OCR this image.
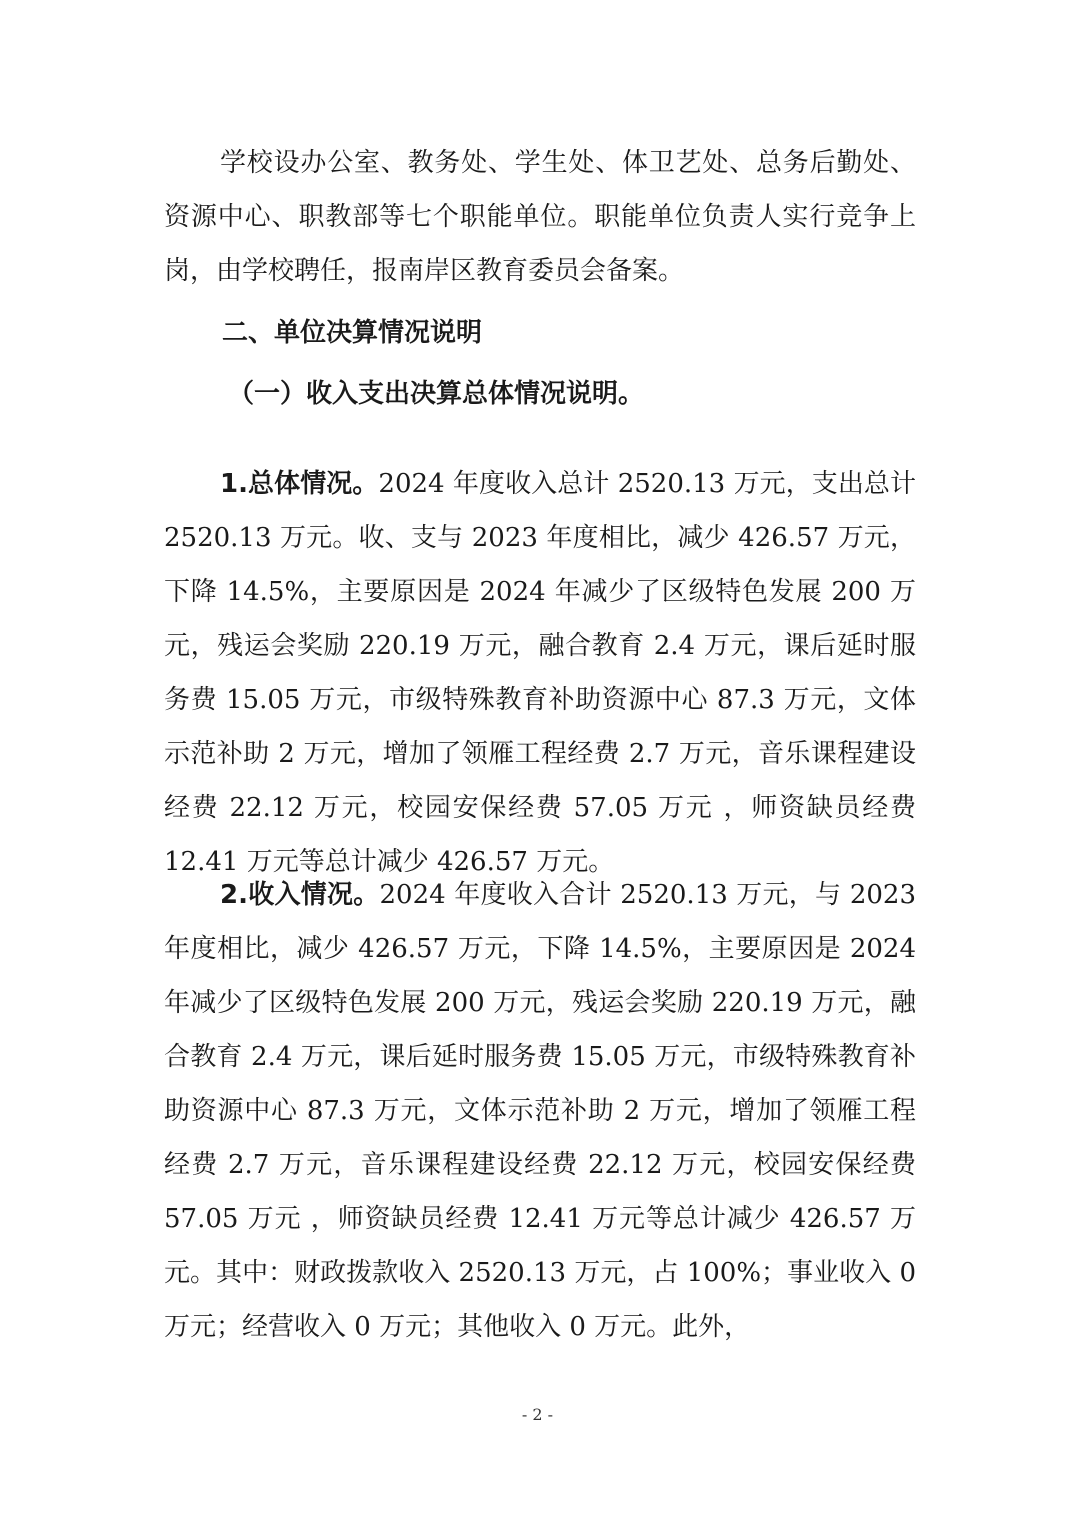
学校设办公室、教务处、学生处、体卫艺处、总务后勤处、资源中心、职教部等七个职能单位。职能单位负责人实行竞争上岗，由学校聘任，报南岸区教育委员会备案。

二、单位决算情况说明

（一）收入支出决算总体情况说明。

1.总体情况。2024 年度收入总计 2520.13 万元，支出总计 2520.13 万元。收、支与 2023 年度相比，减少 426.57 万元，下降 14.5%，主要原因是 2024 年减少了区级特色发展 200 万元，残运会奖励 220.19 万元，融合教育 2.4 万元，课后延时服务费 15.05 万元，市级特殊教育补助资源中心 87.3 万元，文体示范补助 2 万元，增加了领雁工程经费 2.7 万元，音乐课程建设经费 22.12 万元，校园安保经费 57.05 万元 ，师资缺员经费 12.41 万元等总计减少 426.57 万元。

2.收入情况。2024 年度收入合计 2520.13 万元，与 2023 年度相比，减少 426.57 万元，下降 14.5%，主要原因是 2024 年减少了区级特色发展 200 万元，残运会奖励 220.19 万元，融合教育 2.4 万元，课后延时服务费 15.05 万元，市级特殊教育补助资源中心 87.3 万元，文体示范补助 2 万元，增加了领雁工程经费 2.7 万元，音乐课程建设经费 22.12 万元，校园安保经费 57.05 万元 ，师资缺员经费 12.41 万元等总计减少 426.57 万元。其中：财政拨款收入 2520.13 万元，占 100%；事业收入 0 万元；经营收入 0 万元；其他收入 0 万元。此外，

- 2 -
